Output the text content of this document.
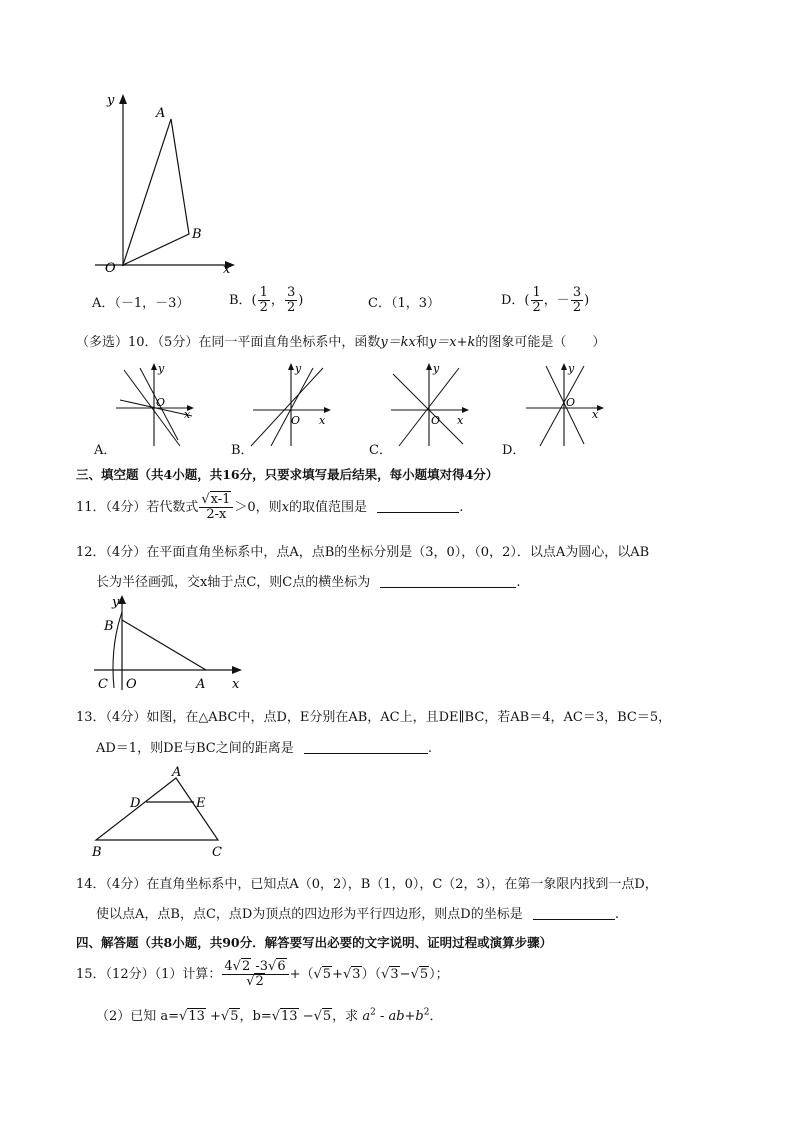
y
A
B
O	x
A．（－1，－3）	B．( $\frac{1}{2}$ ， $\frac{3}{2}$ )	C．（1，3）	D．( $\frac{1}{2}$ ，－ $\frac{3}{2}$ )
（多选）10．（5分）在同一平面直角坐标系中，函数y＝kx和y＝x+k的图象可能是（　　）
y
O
x
y
O x
y
O x
y
O
x
A．	B．	C．	D．
三、填空题（共4小题，共16分，只要求填写最后结果，每小题填对得4分）
11．（4分）若代数式 $\frac{√x-1}{2-x} >0$，则x的取值范围是	.
12．（4分）在平面直角坐标系中，点A，点B的坐标分别是（3，0），（0，2）．以点A为圆心，以AB
长为半径画弧，交x轴于点C，则C点的横坐标为	.
y
B
C O	A x
13．（4分）如图，在△ABC中，点D，E分别在AB，AC上，且DE∥BC，若AB＝4，AC＝3，BC＝5，
AD＝1，则DE与BC之间的距离是	.
A
D	E
B	C
14．（4分）在直角坐标系中，已知点A（0，2），B（1，0），C（2，3），在第一象限内找到一点D，
使以点A，点B，点C，点D为顶点的四边形为平行四边形，则点D的坐标是	.
四、解答题（共8小题，共90分．解答要写出必要的文字说明、证明过程或演算步骤）
15．（12分）（1）计算： $\frac{4√2 -3√6}{√2} +(√5+√3)(√3-√5)$；
（2）已知 a=√13 +√5，b=√13 −√5，求 $a^2 - ab+b^2$．
